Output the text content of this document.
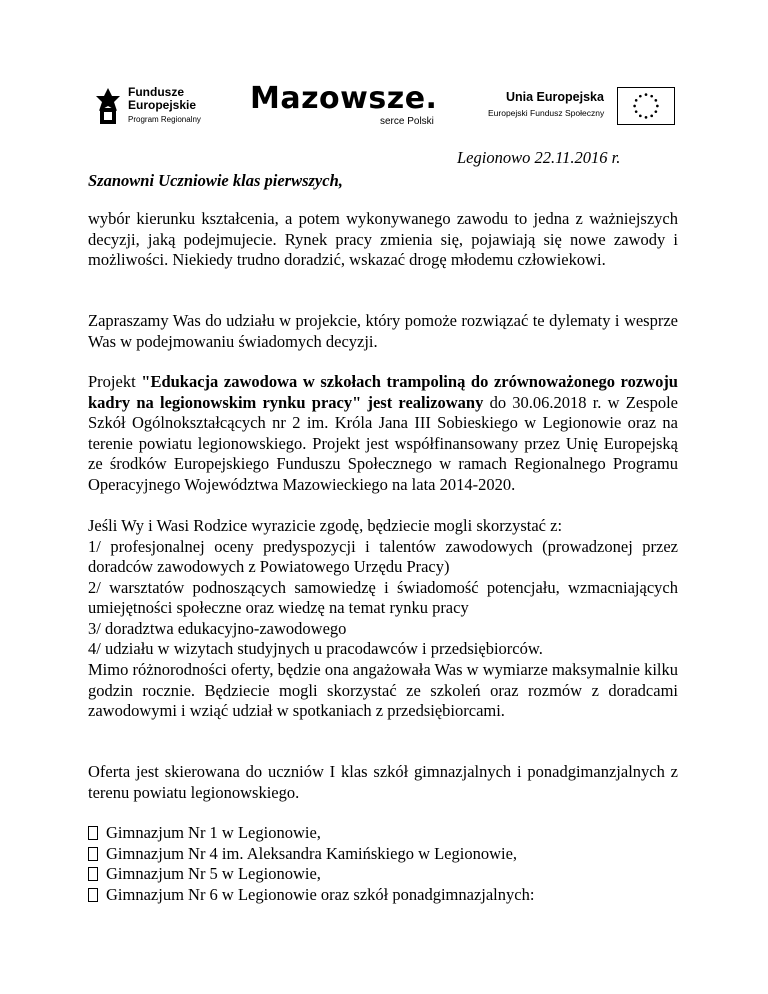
Fundusze
Europejskie
Program Regionalny
Mazowsze.
serce Polski
Unia Europejska
Europejski Fundusz Społeczny
Legionowo 22.11.2016 r.
Szanowni Uczniowie klas pierwszych,

wybór kierunku kształcenia, a potem wykonywanego zawodu to jedna z ważniejszych decyzji, jaką podejmujecie. Rynek pracy zmienia się, pojawiają się nowe zawody i możliwości. Niekiedy trudno doradzić, wskazać drogę młodemu człowiekowi.

Zapraszamy Was do udziału w projekcie, który pomoże rozwiązać te dylematy i wesprze Was w podejmowaniu świadomych decyzji.

Projekt "Edukacja zawodowa w szkołach trampoliną do zrównoważonego rozwoju kadry na legionowskim rynku pracy" jest realizowany do 30.06.2018 r. w Zespole Szkół Ogólnokształcących nr 2 im. Króla Jana III Sobieskiego w Legionowie oraz na terenie powiatu legionowskiego. Projekt jest współfinansowany przez Unię Europejską ze środków Europejskiego Funduszu Społecznego w ramach Regionalnego Programu Operacyjnego Województwa Mazowieckiego na lata 2014-2020.

Jeśli Wy i Wasi Rodzice wyrazicie zgodę, będziecie mogli skorzystać z:

1/ profesjonalnej oceny predyspozycji i talentów zawodowych (prowadzonej przez doradców zawodowych z Powiatowego Urzędu Pracy)

2/ warsztatów podnoszących samowiedzę i świadomość potencjału, wzmacniających umiejętności społeczne oraz wiedzę na temat rynku pracy

3/ doradztwa edukacyjno-zawodowego

4/ udziału w wizytach studyjnych u pracodawców i przedsiębiorców.

Mimo różnorodności oferty, będzie ona angażowała Was w wymiarze maksymalnie kilku godzin rocznie. Będziecie mogli skorzystać ze szkoleń oraz rozmów z doradcami zawodowymi i wziąć udział w spotkaniach z przedsiębiorcami.

Oferta jest skierowana do uczniów I klas szkół gimnazjalnych i ponadgimanzjalnych z terenu powiatu legionowskiego.

Gimnazjum Nr 1 w Legionowie,

Gimnazjum Nr 4 im. Aleksandra Kamińskiego w Legionowie,

Gimnazjum Nr 5 w Legionowie,

Gimnazjum Nr 6 w Legionowie oraz szkół ponadgimnazjalnych:
